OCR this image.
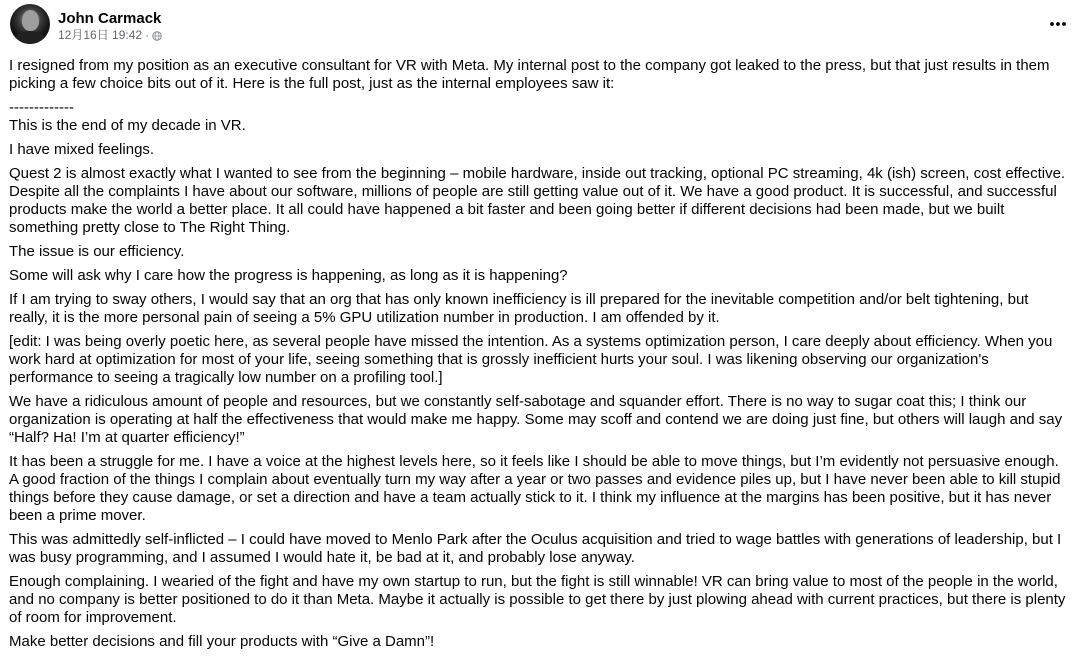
John Carmack
12月16日 19:42 ·

I resigned from my position as an executive consultant for VR with Meta. My internal post to the company got leaked to the press, but that just results in them picking a few choice bits out of it. Here is the full post, just as the internal employees saw it:

-------------

This is the end of my decade in VR.

I have mixed feelings.

Quest 2 is almost exactly what I wanted to see from the beginning – mobile hardware, inside out tracking, optional PC streaming, 4k (ish) screen, cost effective. Despite all the complaints I have about our software, millions of people are still getting value out of it. We have a good product. It is successful, and successful products make the world a better place. It all could have happened a bit faster and been going better if different decisions had been made, but we built something pretty close to The Right Thing.

The issue is our efficiency.

Some will ask why I care how the progress is happening, as long as it is happening?

If I am trying to sway others, I would say that an org that has only known inefficiency is ill prepared for the inevitable competition and/or belt tightening, but really, it is the more personal pain of seeing a 5% GPU utilization number in production. I am offended by it.

[edit: I was being overly poetic here, as several people have missed the intention. As a systems optimization person, I care deeply about efficiency. When you work hard at optimization for most of your life, seeing something that is grossly inefficient hurts your soul. I was likening observing our organization's performance to seeing a tragically low number on a profiling tool.]

We have a ridiculous amount of people and resources, but we constantly self-sabotage and squander effort. There is no way to sugar coat this; I think our organization is operating at half the effectiveness that would make me happy. Some may scoff and contend we are doing just fine, but others will laugh and say “Half? Ha! I’m at quarter efficiency!”

It has been a struggle for me. I have a voice at the highest levels here, so it feels like I should be able to move things, but I’m evidently not persuasive enough. A good fraction of the things I complain about eventually turn my way after a year or two passes and evidence piles up, but I have never been able to kill stupid things before they cause damage, or set a direction and have a team actually stick to it. I think my influence at the margins has been positive, but it has never been a prime mover.

This was admittedly self-inflicted – I could have moved to Menlo Park after the Oculus acquisition and tried to wage battles with generations of leadership, but I was busy programming, and I assumed I would hate it, be bad at it, and probably lose anyway.

Enough complaining. I wearied of the fight and have my own startup to run, but the fight is still winnable! VR can bring value to most of the people in the world, and no company is better positioned to do it than Meta. Maybe it actually is possible to get there by just plowing ahead with current practices, but there is plenty of room for improvement.

Make better decisions and fill your products with “Give a Damn”!
